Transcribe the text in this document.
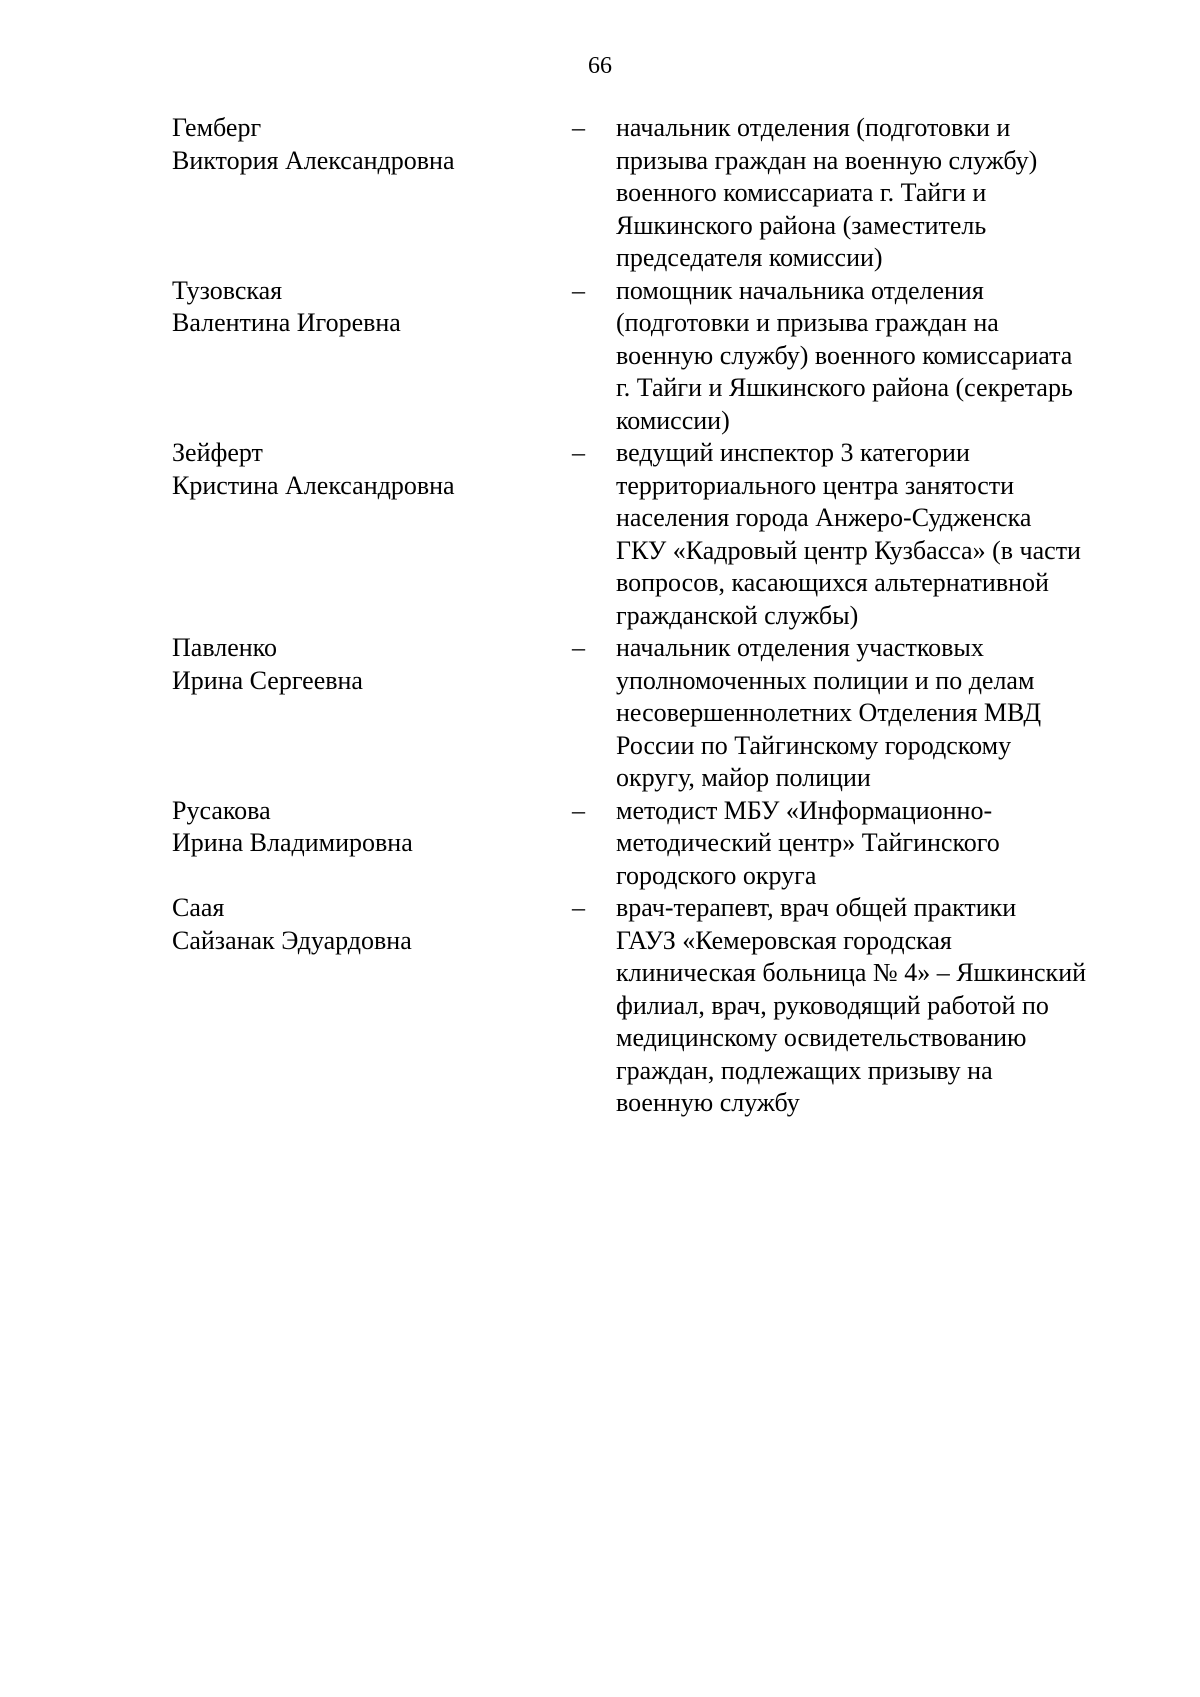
66
Гемберг
Виктория Александровна
–	начальник отделения (подготовки и
призыва граждан на военную службу)
военного комиссариата г. Тайги и
Яшкинского района (заместитель
председателя комиссии)
Тузовская
Валентина Игоревна
–	помощник начальника отделения
(подготовки и призыва граждан на
военную службу) военного комиссариата
г. Тайги и Яшкинского района (секретарь
комиссии)
Зейферт
Кристина Александровна
–	ведущий инспектор 3 категории
территориального центра занятости
населения города Анжеро-Судженска
ГКУ «Кадровый центр Кузбасса» (в части
вопросов, касающихся альтернативной
гражданской службы)
Павленко
Ирина Сергеевна
–	начальник отделения участковых
уполномоченных полиции и по делам
несовершеннолетних Отделения МВД
России по Тайгинскому городскому
округу, майор полиции
Русакова
Ирина Владимировна
–	методист МБУ «Информационно-
методический центр» Тайгинского
городского округа
Саая
Сайзанак Эдуардовна
–	врач-терапевт, врач общей практики
ГАУЗ «Кемеровская городская
клиническая больница № 4» – Яшкинский
филиал, врач, руководящий работой по
медицинскому освидетельствованию
граждан, подлежащих призыву на
военную службу
